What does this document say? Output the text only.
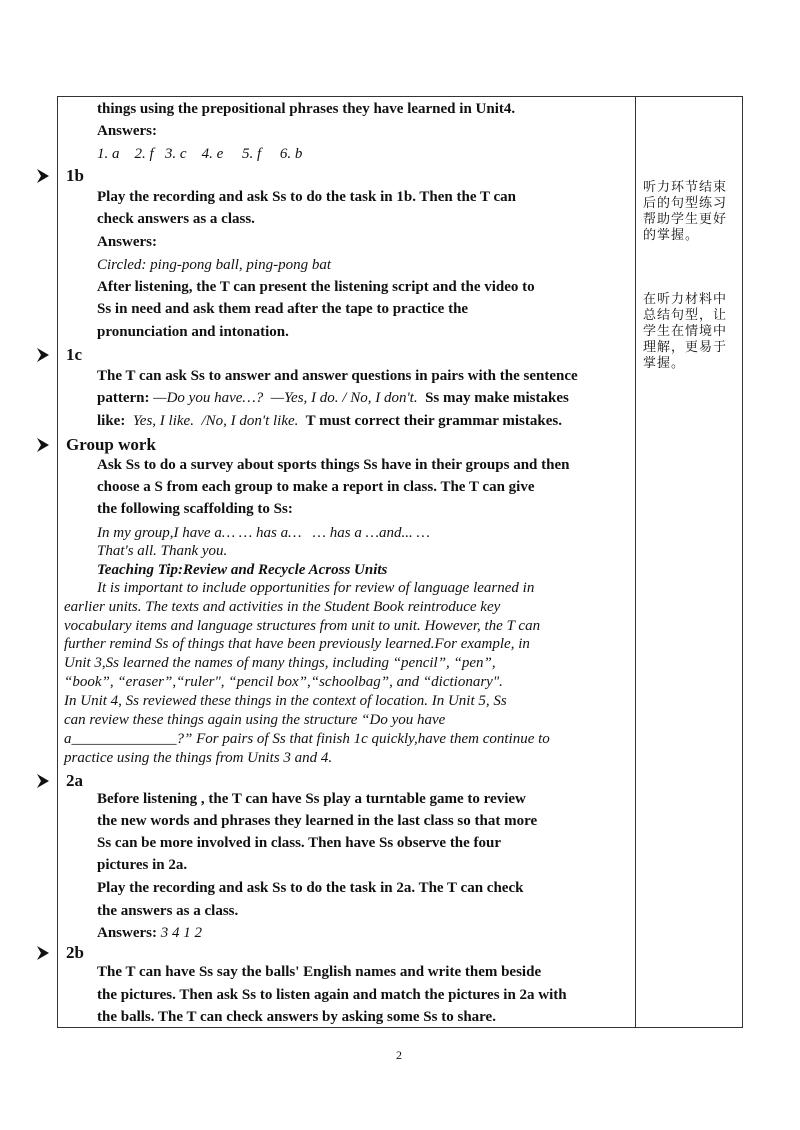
things using the prepositional phrases they have learned in Unit4.
Answers:
1. a    2. f   3. c    4. e     5. f     6. b
1b
Play the recording and ask Ss to do the task in 1b. Then the T can
check answers as a class.
Answers:
Circled: ping-pong ball, ping-pong bat
After listening, the T can present the listening script and the video to
Ss in need and ask them read after the tape to practice the
pronunciation and intonation.
1c
The T can ask Ss to answer and answer questions in pairs with the sentence
pattern: —Do you have…?  —Yes, I do. / No, I don't.  Ss may make mistakes
like:  Yes, I like.  /No, I don't like.  T must correct their grammar mistakes.
Group work
Ask Ss to do a survey about sports things Ss have in their groups and then
choose a S from each group to make a report in class. The T can give
the following scaffolding to Ss:
In my group,I have a… … has a…   … has a …and... …
That's all. Thank you.
Teaching Tip:Review and Recycle Across Units
It is important to include opportunities for review of language learned in
earlier units. The texts and activities in the Student Book reintroduce key
vocabulary items and language structures from unit to unit. However, the T can
further remind Ss of things that have been previously learned.For example, in
Unit 3,Ss learned the names of many things, including “pencil”, “pen”,
“book”, “eraser”,“ruler", “pencil box”,“schoolbag”, and “dictionary".
In Unit 4, Ss reviewed these things in the context of location. In Unit 5, Ss
can review these things again using the structure “Do you have
a______________?” For pairs of Ss that finish 1c quickly,have them continue to
practice using the things from Units 3 and 4.
2a
Before listening , the T can have Ss play a turntable game to review
the new words and phrases they learned in the last class so that more
Ss can be more involved in class. Then have Ss observe the four
pictures in 2a.
Play the recording and ask Ss to do the task in 2a. The T can check
the answers as a class.
Answers: 3 4 1 2
2b
The T can have Ss say the balls' English names and write them beside
the pictures. Then ask Ss to listen again and match the pictures in 2a with
the balls. The T can check answers by asking some Ss to share.
听力环节结束后的句型练习帮助学生更好的掌握。
在听力材料中总结句型，让学生在情境中理解，更易于掌握。
2
